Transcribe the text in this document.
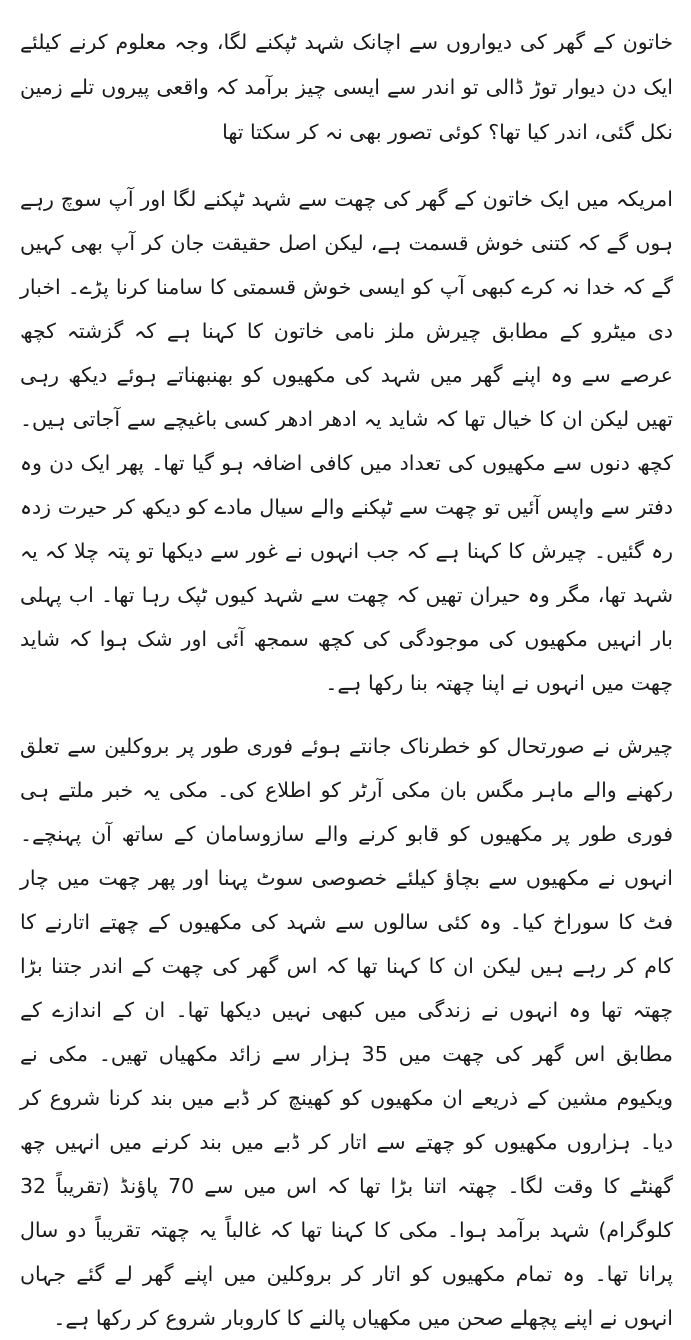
خاتون کے گھر کی دیواروں سے اچانک شہد ٹپکنے لگا، وجہ معلوم کرنے کیلئے ایک دن دیوار توڑ ڈالی تو اندر سے ایسی چیز برآمد کہ واقعی پیروں تلے زمین نکل گئی، اندر کیا تھا؟ کوئی تصور بھی نہ کر سکتا تھا

امریکہ میں ایک خاتون کے گھر کی چھت سے شہد ٹپکنے لگا اور آپ سوچ رہے ہوں گے کہ کتنی خوش قسمت ہے، لیکن اصل حقیقت جان کر آپ بھی کہیں گے کہ خدا نہ کرے کبھی آپ کو ایسی خوش قسمتی کا سامنا کرنا پڑے۔ اخبار دی میٹرو کے مطابق چیرش ملز نامی خاتون کا کہنا ہے کہ گزشتہ کچھ عرصے سے وہ اپنے گھر میں شہد کی مکھیوں کو بھنبھناتے ہوئے دیکھ رہی تھیں لیکن ان کا خیال تھا کہ شاید یہ ادھر ادھر کسی باغیچے سے آجاتی ہیں۔ کچھ دنوں سے مکھیوں کی تعداد میں کافی اضافہ ہو گیا تھا۔ پھر ایک دن وہ دفتر سے واپس آئیں تو چھت سے ٹپکنے والے سیال مادے کو دیکھ کر حیرت زدہ رہ گئیں۔ چیرش کا کہنا ہے کہ جب انہوں نے غور سے دیکھا تو پتہ چلا کہ یہ شہد تھا، مگر وہ حیران تھیں کہ چھت سے شہد کیوں ٹپک رہا تھا۔ اب پہلی بار انہیں مکھیوں کی موجودگی کی کچھ سمجھ آئی اور شک ہوا کہ شاید چھت میں انہوں نے اپنا چھتہ بنا رکھا ہے۔

چیرش نے صورتحال کو خطرناک جانتے ہوئے فوری طور پر بروکلین سے تعلق رکھنے والے ماہر مگس بان مکی آرٹر کو اطلاع کی۔ مکی یہ خبر ملتے ہی فوری طور پر مکھیوں کو قابو کرنے والے سازوسامان کے ساتھ آن پہنچے۔ انہوں نے مکھیوں سے بچاؤ کیلئے خصوصی سوٹ پہنا اور پھر چھت میں چار فٹ کا سوراخ کیا۔ وہ کئی سالوں سے شہد کی مکھیوں کے چھتے اتارنے کا کام کر رہے ہیں لیکن ان کا کہنا تھا کہ اس گھر کی چھت کے اندر جتنا بڑا چھتہ تھا وہ انہوں نے زندگی میں کبھی نہیں دیکھا تھا۔ ان کے اندازے کے مطابق اس گھر کی چھت میں 35 ہزار سے زائد مکھیاں تھیں۔ مکی نے ویکیوم مشین کے ذریعے ان مکھیوں کو کھینچ کر ڈبے میں بند کرنا شروع کر دیا۔ ہزاروں مکھیوں کو چھتے سے اتار کر ڈبے میں بند کرنے میں انہیں چھ گھنٹے کا وقت لگا۔ چھتہ اتنا بڑا تھا کہ اس میں سے 70 پاؤنڈ (تقریباً 32 کلوگرام) شہد برآمد ہوا۔ مکی کا کہنا تھا کہ غالباً یہ چھتہ تقریباً دو سال پرانا تھا۔ وہ تمام مکھیوں کو اتار کر بروکلین میں اپنے گھر لے گئے جہاں انہوں نے اپنے پچھلے صحن میں مکھیاں پالنے کا کاروبار شروع کر رکھا ہے۔
